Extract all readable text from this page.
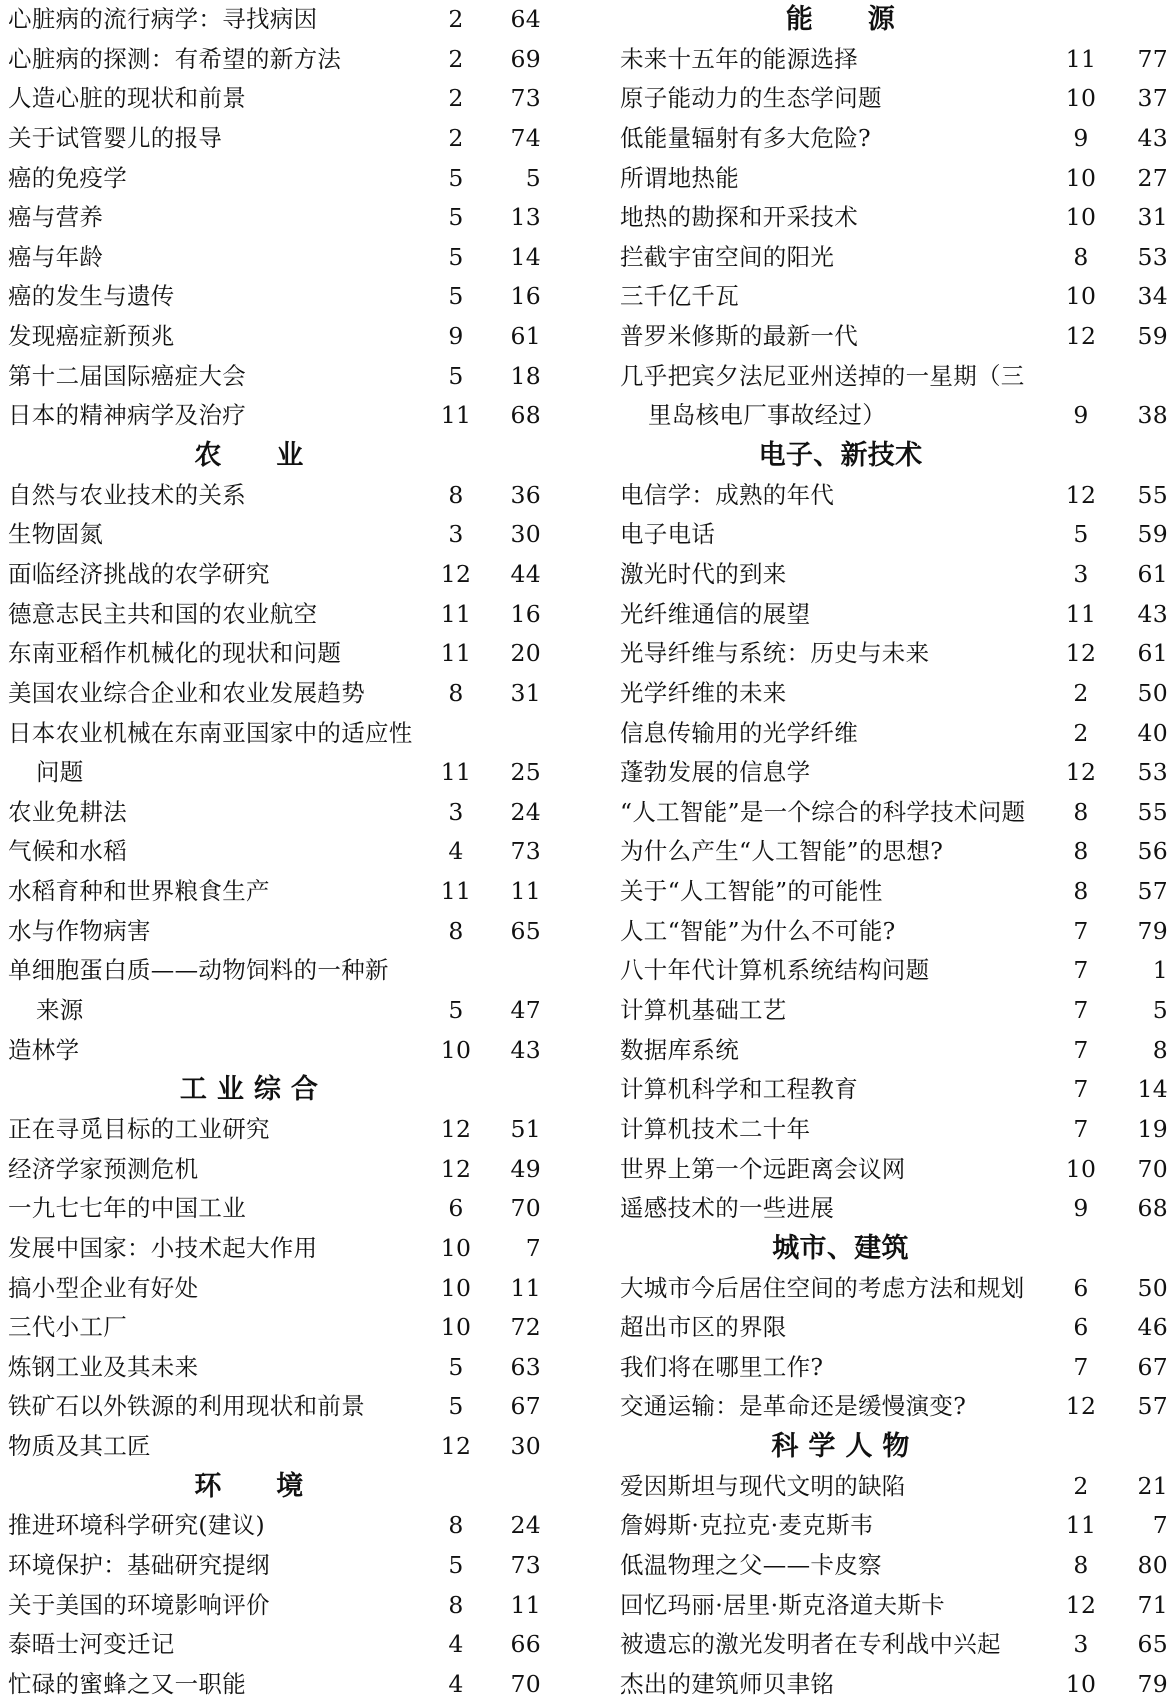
心脏病的流行病学：寻找病因	2	64
心脏病的探测：有希望的新方法	2	69
人造心脏的现状和前景	2	73
关于试管婴儿的报导	2	74
癌的免疫学	5	5
癌与营养	5	13
癌与年龄	5	14
癌的发生与遗传	5	16
发现癌症新预兆	9	61
第十二届国际癌症大会	5	18
日本的精神病学及治疗	11	68
农　　业
自然与农业技术的关系	8	36
生物固氮	3	30
面临经济挑战的农学研究	12	44
德意志民主共和国的农业航空	11	16
东南亚稻作机械化的现状和问题	11	20
美国农业综合企业和农业发展趋势	8	31
日本农业机械在东南亚国家中的适应性
问题	11	25
农业免耕法	3	24
气候和水稻	4	73
水稻育种和世界粮食生产	11	11
水与作物病害	8	65
单细胞蛋白质——动物饲料的一种新
来源	5	47
造林学	10	43
工 业 综 合
正在寻觅目标的工业研究	12	51
经济学家预测危机	12	49
一九七七年的中国工业	6	70
发展中国家：小技术起大作用	10	7
搞小型企业有好处	10	11
三代小工厂	10	72
炼钢工业及其未来	5	63
铁矿石以外铁源的利用现状和前景	5	67
物质及其工匠	12	30
环　　境
推进环境科学研究(建议)	8	24
环境保护：基础研究提纲	5	73
关于美国的环境影响评价	8	11
泰晤士河变迁记	4	66
忙碌的蜜蜂之又一职能	4	70
能　　源
未来十五年的能源选择	11	77
原子能动力的生态学问题	10	37
低能量辐射有多大危险?	9	43
所谓地热能	10	27
地热的勘探和开采技术	10	31
拦截宇宙空间的阳光	8	53
三千亿千瓦	10	34
普罗米修斯的最新一代	12	59
几乎把宾夕法尼亚州送掉的一星期（三
里岛核电厂事故经过）	9	38
电子、新技术
电信学：成熟的年代	12	55
电子电话	5	59
激光时代的到来	3	61
光纤维通信的展望	11	43
光导纤维与系统：历史与未来	12	61
光学纤维的未来	2	50
信息传输用的光学纤维	2	40
蓬勃发展的信息学	12	53
“人工智能”是一个综合的科学技术问题	8	55
为什么产生“人工智能”的思想?	8	56
关于“人工智能”的可能性	8	57
人工“智能”为什么不可能?	7	79
八十年代计算机系统结构问题	7	1
计算机基础工艺	7	5
数据库系统	7	8
计算机科学和工程教育	7	14
计算机技术二十年	7	19
世界上第一个远距离会议网	10	70
遥感技术的一些进展	9	68
城市、建筑
大城市今后居住空间的考虑方法和规划	6	50
超出市区的界限	6	46
我们将在哪里工作?	7	67
交通运输：是革命还是缓慢演变?	12	57
科 学 人 物
爱因斯坦与现代文明的缺陷	2	21
詹姆斯·克拉克·麦克斯韦	11	7
低温物理之父——卡皮察	8	80
回忆玛丽·居里·斯克洛道夫斯卡	12	71
被遗忘的激光发明者在专利战中兴起	3	65
杰出的建筑师贝聿铭	10	79
